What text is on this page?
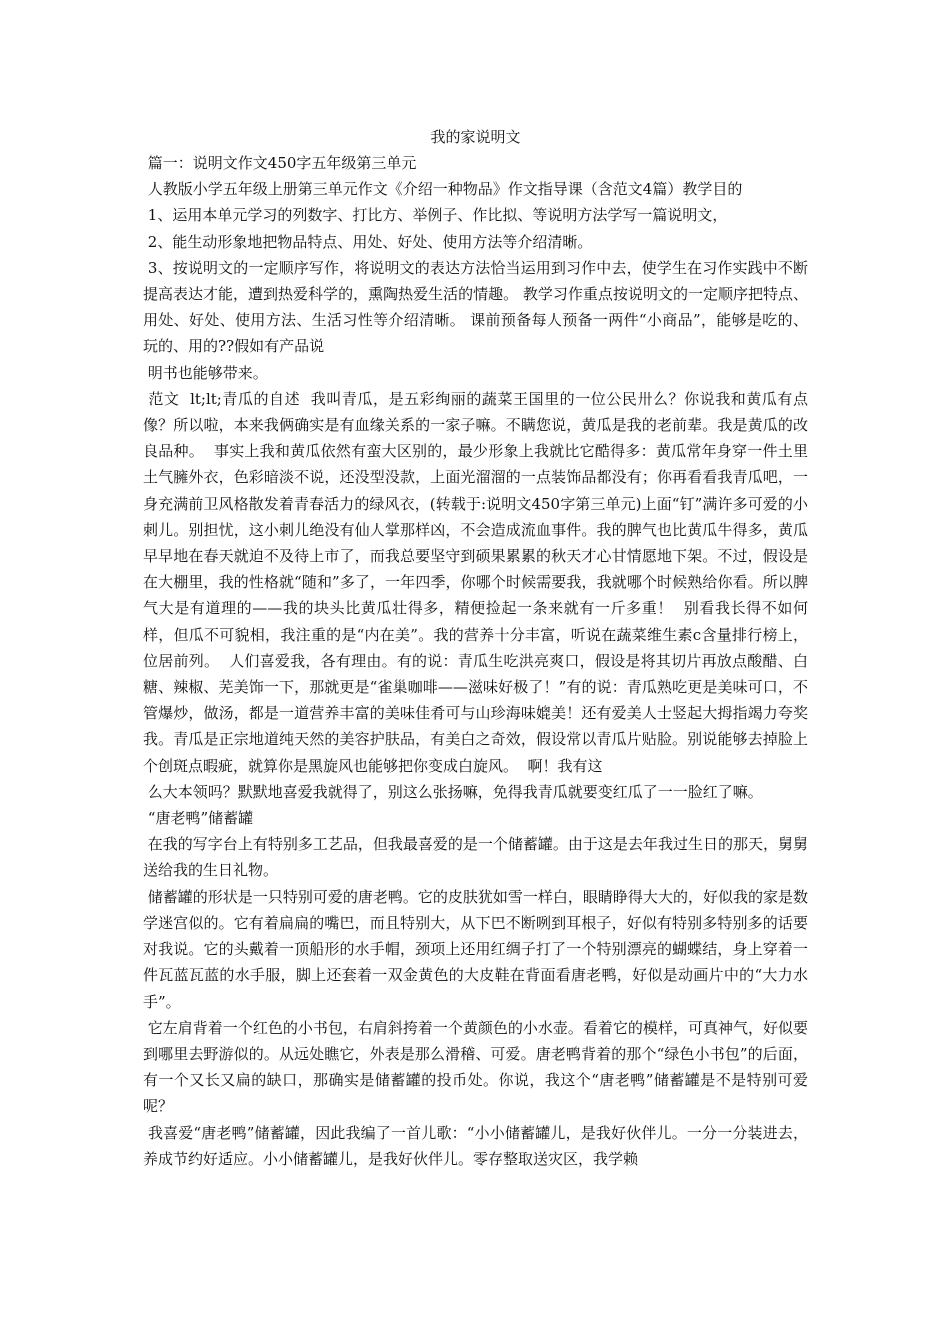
我的家说明文

篇一：说明文作文450字五年级第三单元

人教版小学五年级上册第三单元作文《介绍一种物品》作文指导课（含范文4篇）教学目的

1、运用本单元学习的列数字、打比方、举例子、作比拟、等说明方法学写一篇说明文，

2、能生动形象地把物品特点、用处、好处、使用方法等介绍清晰。

3、按说明文的一定顺序写作，将说明文的表达方法恰当运用到习作中去，使学生在习作实践中不断提高表达才能，遭到热爱科学的，熏陶热爱生活的情趣。 教学习作重点按说明文的一定顺序把特点、用处、好处、使用方法、生活习性等介绍清晰。 课前预备每人预备一两件“小商品”，能够是吃的、玩的、用的??假如有产品说

明书也能够带来。

范文  lt;lt;青瓜的自述  我叫青瓜，是五彩绚丽的蔬菜王国里的一位公民卅么？你说我和黄瓜有点像？所以啦，本来我俩确实是有血缘关系的一家子嘛。不瞒您说，黄瓜是我的老前辈。我是黄瓜的改良品种。  事实上我和黄瓜依然有蛮大区别的，最少形象上我就比它酷得多：黄瓜常年身穿一件土里土气臃外衣，色彩暗淡不说，还没型没款，上面光溜溜的一点装饰品都没有；你再看看我青瓜吧，一身充满前卫风格散发着青春活力的绿风衣，(转载于:说明文450字第三单元)上面“钉”满许多可爱的小刺儿。别担忧，这小刺儿绝没有仙人掌那样凶，不会造成流血事件。我的脾气也比黄瓜牛得多，黄瓜早早地在春天就迫不及待上市了，而我总要坚守到硕果累累的秋天才心甘情愿地下架。不过，假设是在大棚里，我的性格就“随和”多了，一年四季，你哪个时候需要我，我就哪个时候熟给你看。所以脾气大是有道理的——我的块头比黄瓜壮得多，精便捡起一条来就有一斤多重！  别看我长得不如何样，但瓜不可貌相，我注重的是“内在美”。我的营养十分丰富，听说在蔬菜维生素c含量排行榜上，位居前列。  人们喜爱我，各有理由。有的说：青瓜生吃洪亮爽口，假设是将其切片再放点酸醋、白糖、辣椒、芜美饰一下，那就更是“雀巢咖啡——滋味好极了！”有的说：青瓜熟吃更是美味可口，不管爆炒，做汤，都是一道营养丰富的美味佳肴可与山珍海味媲美！还有爱美人士竖起大拇指竭力夸奖我。青瓜是正宗地道纯天然的美容护肤品，有美白之奇效，假设常以青瓜片贴脸。别说能够去掉脸上个创斑点暇疵，就算你是黑旋风也能够把你变成白旋风。  啊！我有这

么大本领吗？默默地喜爱我就得了，别这么张扬嘛，免得我青瓜就要变红瓜了一一脸红了嘛。

“唐老鸭”储蓄罐

在我的写字台上有特别多工艺品，但我最喜爱的是一个储蓄罐。由于这是去年我过生日的那天，舅舅送给我的生日礼物。

储蓄罐的形状是一只特别可爱的唐老鸭。它的皮肤犹如雪一样白，眼睛睁得大大的，好似我的家是数学迷宫似的。它有着扁扁的嘴巴，而且特别大，从下巴不断咧到耳根子，好似有特别多特别多的话要对我说。它的头戴着一顶船形的水手帽，颈项上还用红绸子打了一个特别漂亮的蝴蝶结，身上穿着一件瓦蓝瓦蓝的水手服，脚上还套着一双金黄色的大皮鞋在背面看唐老鸭，好似是动画片中的“大力水手”。

它左肩背着一个红色的小书包，右肩斜挎着一个黄颜色的小水壶。看着它的模样，可真神气，好似要到哪里去野游似的。从远处瞧它，外表是那么滑稽、可爱。唐老鸭背着的那个“绿色小书包”的后面，有一个又长又扁的缺口，那确实是储蓄罐的投币处。你说，我这个“唐老鸭”储蓄罐是不是特别可爱呢？

我喜爱“唐老鸭”储蓄罐，因此我编了一首儿歌：“小小储蓄罐儿，是我好伙伴儿。一分一分装进去，养成节约好适应。小小储蓄罐儿，是我好伙伴儿。零存整取送灾区，我学赖
